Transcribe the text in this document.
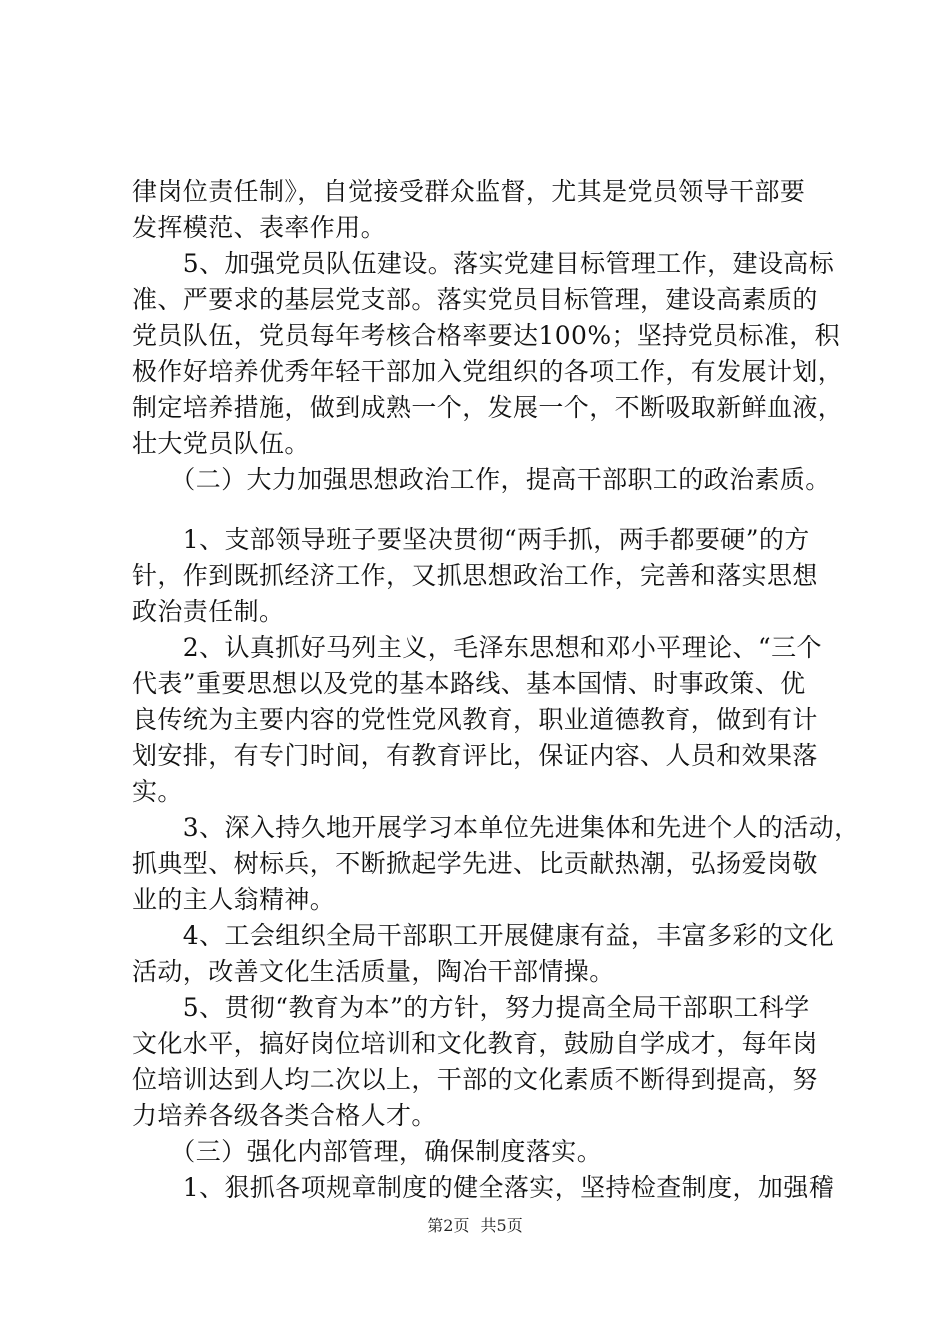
律岗位责任制》，自觉接受群众监督，尤其是党员领导干部要
发挥模范、表率作用。
　　5、加强党员队伍建设。落实党建目标管理工作，建设高标
准、严要求的基层党支部。落实党员目标管理，建设高素质的
党员队伍，党员每年考核合格率要达100%；坚持党员标准，积
极作好培养优秀年轻干部加入党组织的各项工作，有发展计划，
制定培养措施，做到成熟一个，发展一个，不断吸取新鲜血液，
壮大党员队伍。
　　（二）大力加强思想政治工作，提高干部职工的政治素质。
　　1、支部领导班子要坚决贯彻“两手抓，两手都要硬”的方
针，作到既抓经济工作，又抓思想政治工作，完善和落实思想
政治责任制。
　　2、认真抓好马列主义，毛泽东思想和邓小平理论、“三个
代表”重要思想以及党的基本路线、基本国情、时事政策、优
良传统为主要内容的党性党风教育，职业道德教育，做到有计
划安排，有专门时间，有教育评比，保证内容、人员和效果落
实。
　　3、深入持久地开展学习本单位先进集体和先进个人的活动，
抓典型、树标兵，不断掀起学先进、比贡献热潮，弘扬爱岗敬
业的主人翁精神。
　　4、工会组织全局干部职工开展健康有益，丰富多彩的文化
活动，改善文化生活质量，陶冶干部情操。
　　5、贯彻“教育为本”的方针，努力提高全局干部职工科学
文化水平，搞好岗位培训和文化教育，鼓励自学成才，每年岗
位培训达到人均二次以上，干部的文化素质不断得到提高，努
力培养各级各类合格人才。
　　（三）强化内部管理，确保制度落实。
　　1、狠抓各项规章制度的健全落实，坚持检查制度，加强稽
第2页 共5页
